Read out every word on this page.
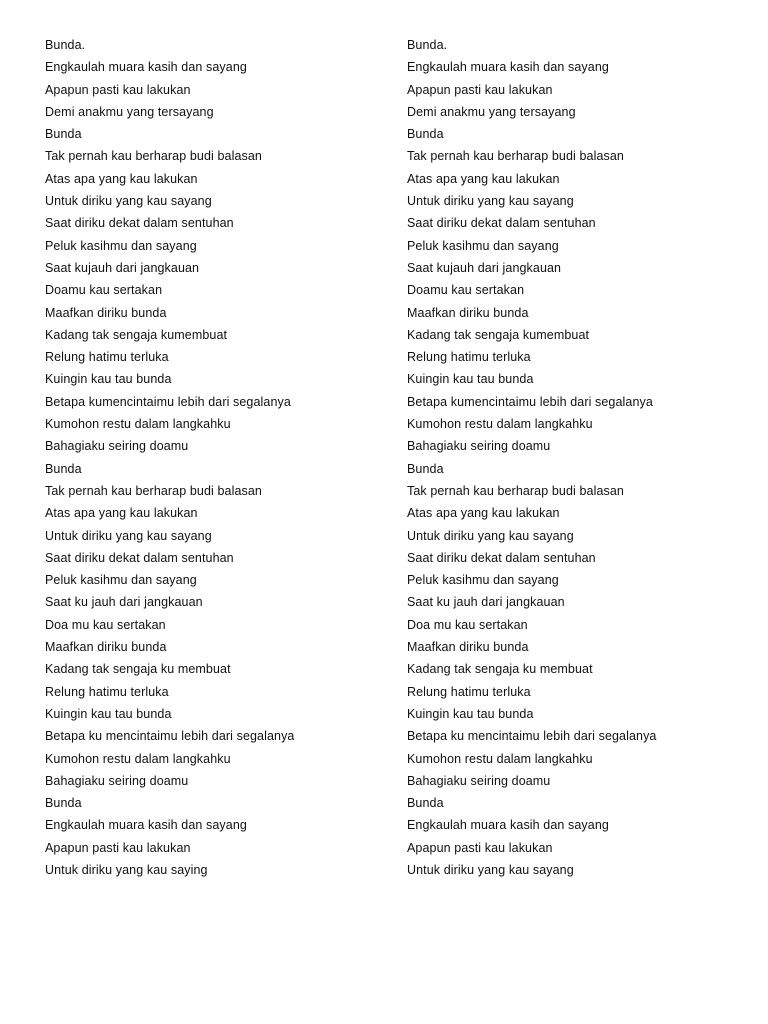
Bunda.
Engkaulah muara kasih dan sayang
Apapun pasti kau lakukan
Demi anakmu yang tersayang
Bunda
Tak pernah kau berharap budi balasan
Atas apa yang kau lakukan
Untuk diriku yang kau sayang
Saat diriku dekat dalam sentuhan
Peluk kasihmu dan sayang
Saat kujauh dari jangkauan
Doamu kau sertakan
Maafkan diriku bunda
Kadang tak sengaja kumembuat
Relung hatimu terluka
Kuingin kau tau bunda
Betapa kumencintaimu lebih dari segalanya
Kumohon restu dalam langkahku
Bahagiaku seiring doamu
Bunda
Tak pernah kau berharap budi balasan
Atas apa yang kau lakukan
Untuk diriku yang kau sayang
Saat diriku dekat dalam sentuhan
Peluk kasihmu dan sayang
Saat ku jauh dari jangkauan
Doa mu kau sertakan
Maafkan diriku bunda
Kadang tak sengaja ku membuat
Relung hatimu terluka
Kuingin kau tau bunda
Betapa ku mencintaimu lebih dari segalanya
Kumohon restu dalam langkahku
Bahagiaku seiring doamu
Bunda
Engkaulah muara kasih dan sayang
Apapun pasti kau lakukan
Untuk diriku yang kau saying
Bunda.
Engkaulah muara kasih dan sayang
Apapun pasti kau lakukan
Demi anakmu yang tersayang
Bunda
Tak pernah kau berharap budi balasan
Atas apa yang kau lakukan
Untuk diriku yang kau sayang
Saat diriku dekat dalam sentuhan
Peluk kasihmu dan sayang
Saat kujauh dari jangkauan
Doamu kau sertakan
Maafkan diriku bunda
Kadang tak sengaja kumembuat
Relung hatimu terluka
Kuingin kau tau bunda
Betapa kumencintaimu lebih dari segalanya
Kumohon restu dalam langkahku
Bahagiaku seiring doamu
Bunda
Tak pernah kau berharap budi balasan
Atas apa yang kau lakukan
Untuk diriku yang kau sayang
Saat diriku dekat dalam sentuhan
Peluk kasihmu dan sayang
Saat ku jauh dari jangkauan
Doa mu kau sertakan
Maafkan diriku bunda
Kadang tak sengaja ku membuat
Relung hatimu terluka
Kuingin kau tau bunda
Betapa ku mencintaimu lebih dari segalanya
Kumohon restu dalam langkahku
Bahagiaku seiring doamu
Bunda
Engkaulah muara kasih dan sayang
Apapun pasti kau lakukan
Untuk diriku yang kau sayang
